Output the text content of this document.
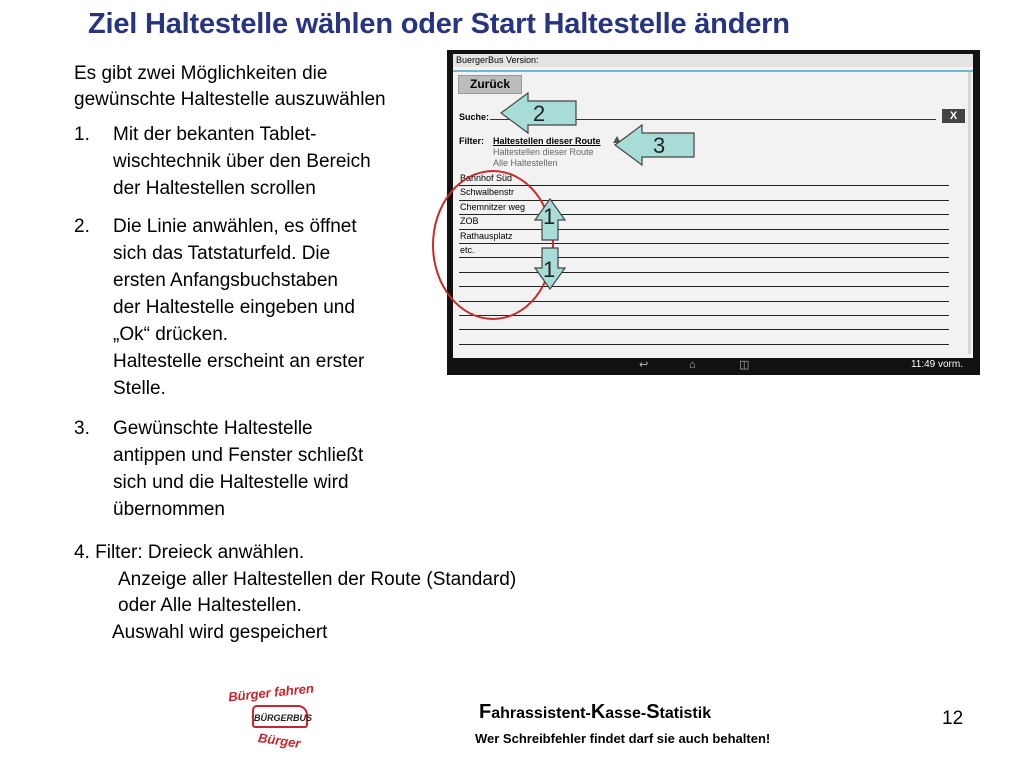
Ziel Haltestelle wählen oder Start Haltestelle ändern
Es gibt zwei Möglichkeiten die
gewünschte Haltestelle auszuwählen
1. Mit der bekanten Tablet-
wischtechnik über den Bereich
der Haltestellen scrollen
2. Die Linie anwählen, es öffnet
sich das Tatstaturfeld. Die
ersten Anfangsbuchstaben
der Haltestelle eingeben und
„Ok“ drücken.
Haltestelle erscheint an erster
Stelle.
3. Gewünschte Haltestelle
antippen und Fenster schließt
sich und die Haltestelle wird
übernommen
4. Filter: Dreieck anwählen.
Anzeige aller Haltestellen der Route (Standard)
oder Alle Haltestellen.
Auswahl wird gespeichert
BuergerBus Version:
Zurück
Suche:	X
Filter: Haltestellen dieser Route
Haltestellen dieser Route
Alle Haltestellen
Bahnhof Süd
Schwalbenstr
Chemnitzer weg
ZOB
Rathausplatz
etc.
↩	⌂	◫	11:49 vorm.
2
3
1
1
Bürger fahren
BÜRGERBUS
Bürger
Fahrassistent-Kasse-Statistik
Wer Schreibfehler findet darf sie auch behalten!
12
